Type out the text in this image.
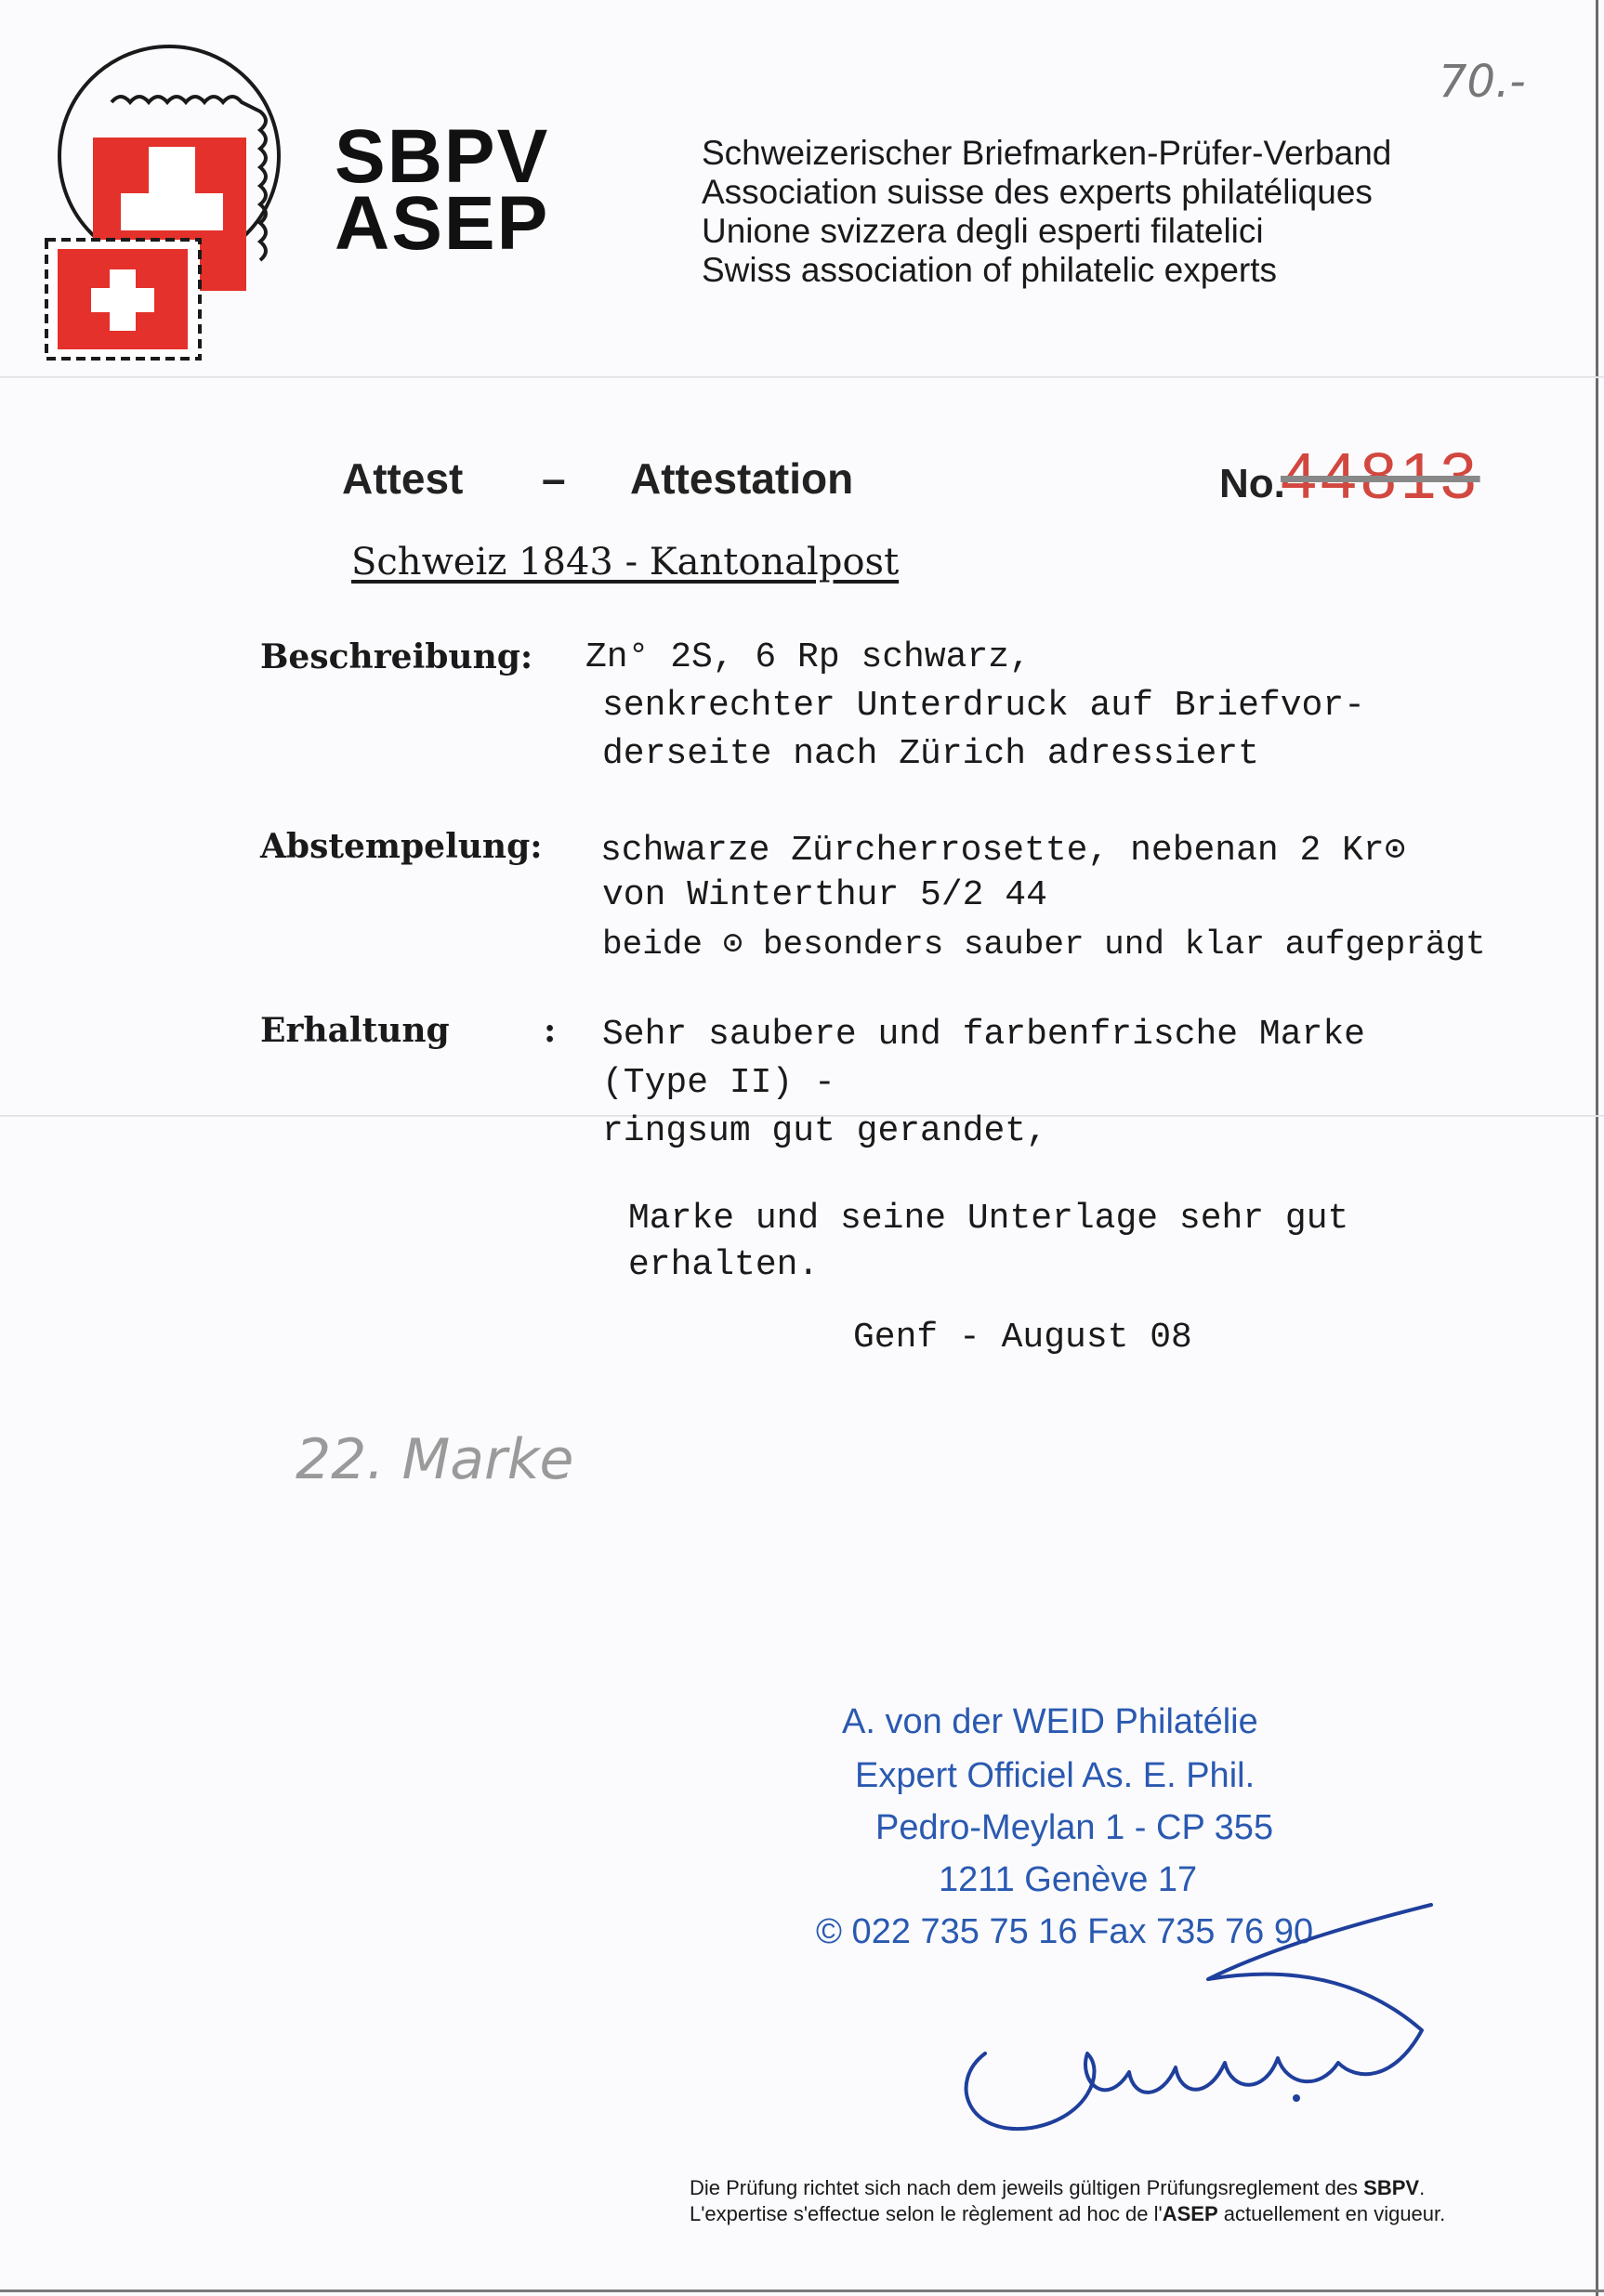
70.-
SBPV
ASEP
Schweizerischer Briefmarken-Prüfer-Verband
Association suisse des experts philatéliques
Unione svizzera degli esperti filatelici
Swiss association of philatelic experts
Attest – Attestation	No.
44813
Schweiz 1843 - Kantonalpost
Beschreibung: Zn° 2S, 6 Rp schwarz,
senkrechter Unterdruck auf Briefvor-
derseite nach Zürich adressiert
Abstempelung: schwarze Zürcherrosette, nebenan 2 Kr⊙
von Winterthur 5/2 44
beide ⊙ besonders sauber und klar aufgeprägt
Erhaltung	: Sehr saubere und farbenfrische Marke
(Type II) -
ringsum gut gerandet,
Marke und seine Unterlage sehr gut
erhalten.
Genf - August 08
22. Marke
A. von der WEID Philatélie
Expert Officiel As. E. Phil.
Pedro-Meylan 1 - CP 355
1211 Genève 17
© 022 735 75 16 Fax 735 76 90
Die Prüfung richtet sich nach dem jeweils gültigen Prüfungsreglement des SBPV.
L'expertise s'effectue selon le règlement ad hoc de l'ASEP actuellement en vigueur.
